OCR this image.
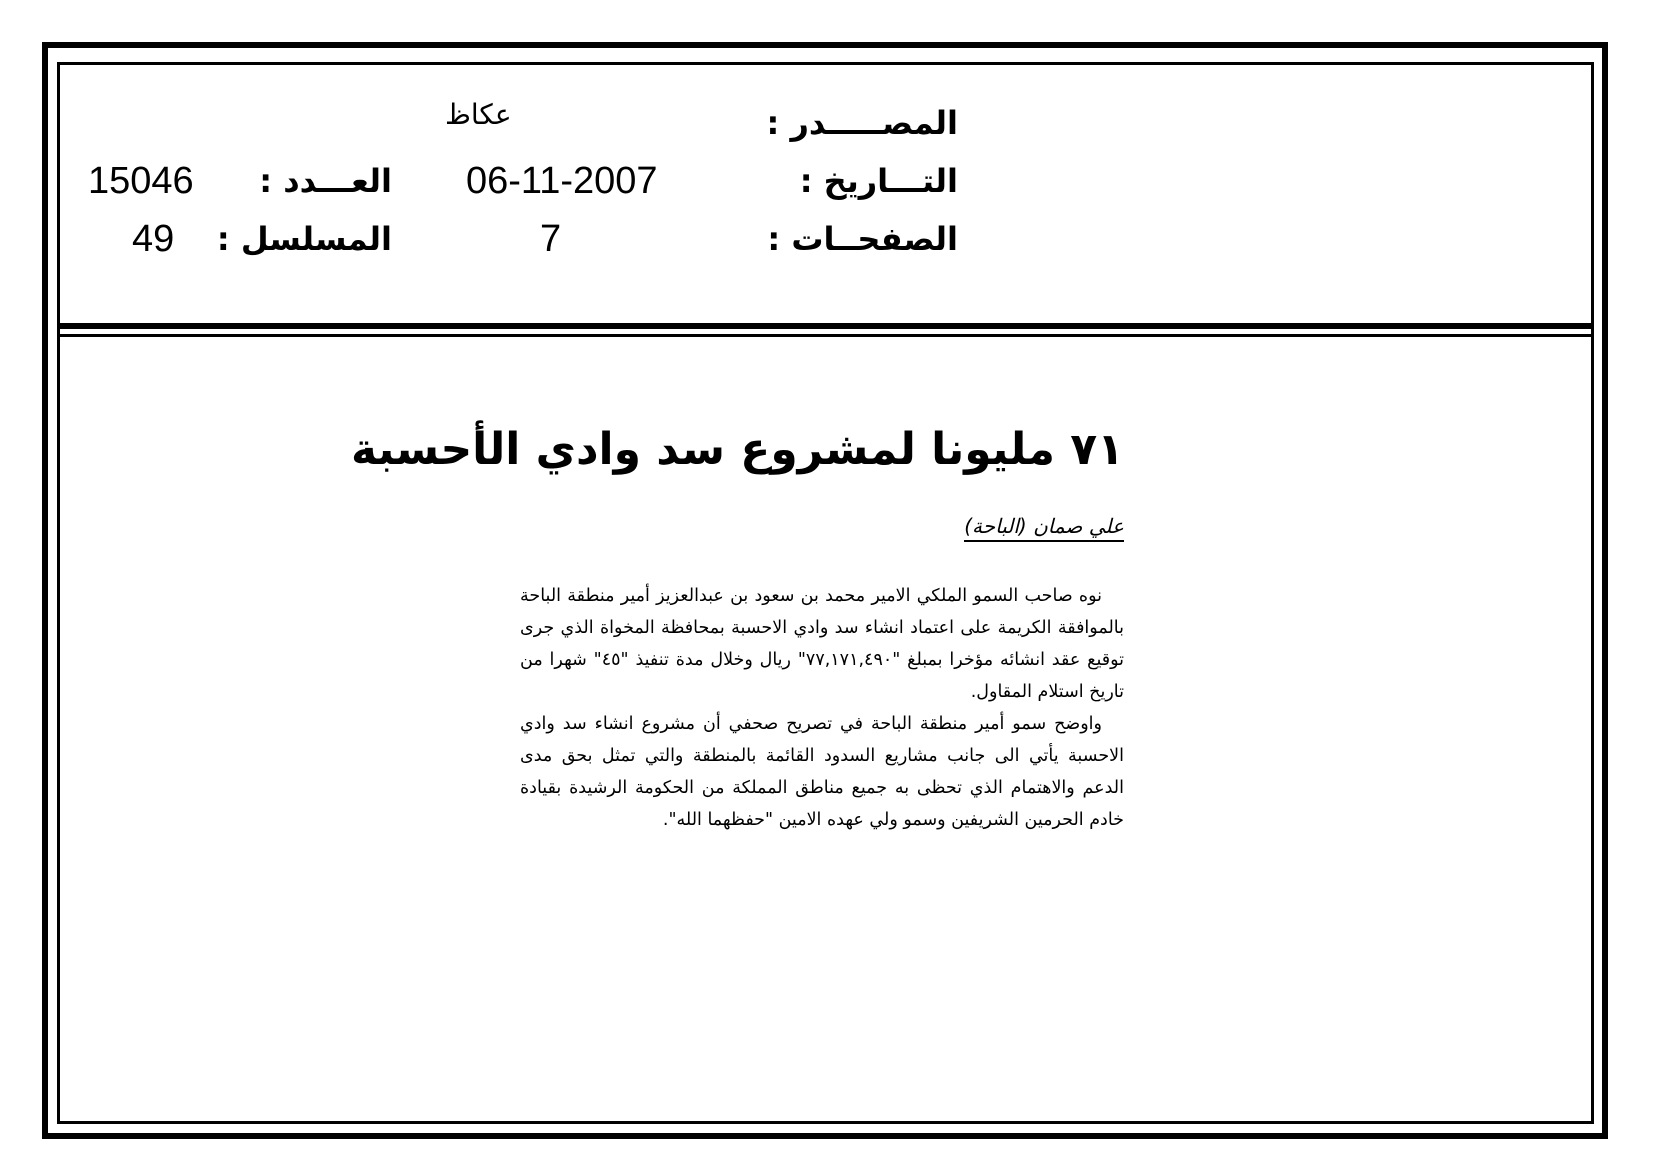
المصـــــدر :
عكاظ
التـــاريخ :
06-11-2007
الصفحــات :
7
العـــدد :
15046
المسلسل :
49
٧١ مليونا لمشروع سد وادي الأحسبة
علي صمان (الباحة)

نوه صاحب السمو الملكي الامير محمد بن سعود بن عبدالعزيز أمير منطقة الباحة بالموافقة الكريمة على اعتماد انشاء سد وادي الاحسبة بمحافظة المخواة الذي جرى توقيع عقد انشائه مؤخرا بمبلغ "٧٧,١٧١,٤٩٠" ريال وخلال مدة تنفيذ "٤٥" شهرا من تاريخ استلام المقاول.

واوضح سمو أمير منطقة الباحة في تصريح صحفي أن مشروع انشاء سد وادي الاحسبة يأتي الى جانب مشاريع السدود القائمة بالمنطقة والتي تمثل بحق مدى الدعم والاهتمام الذي تحظى به جميع مناطق المملكة من الحكومة الرشيدة بقيادة خادم الحرمين الشريفين وسمو ولي عهده الامين "حفظهما الله".
